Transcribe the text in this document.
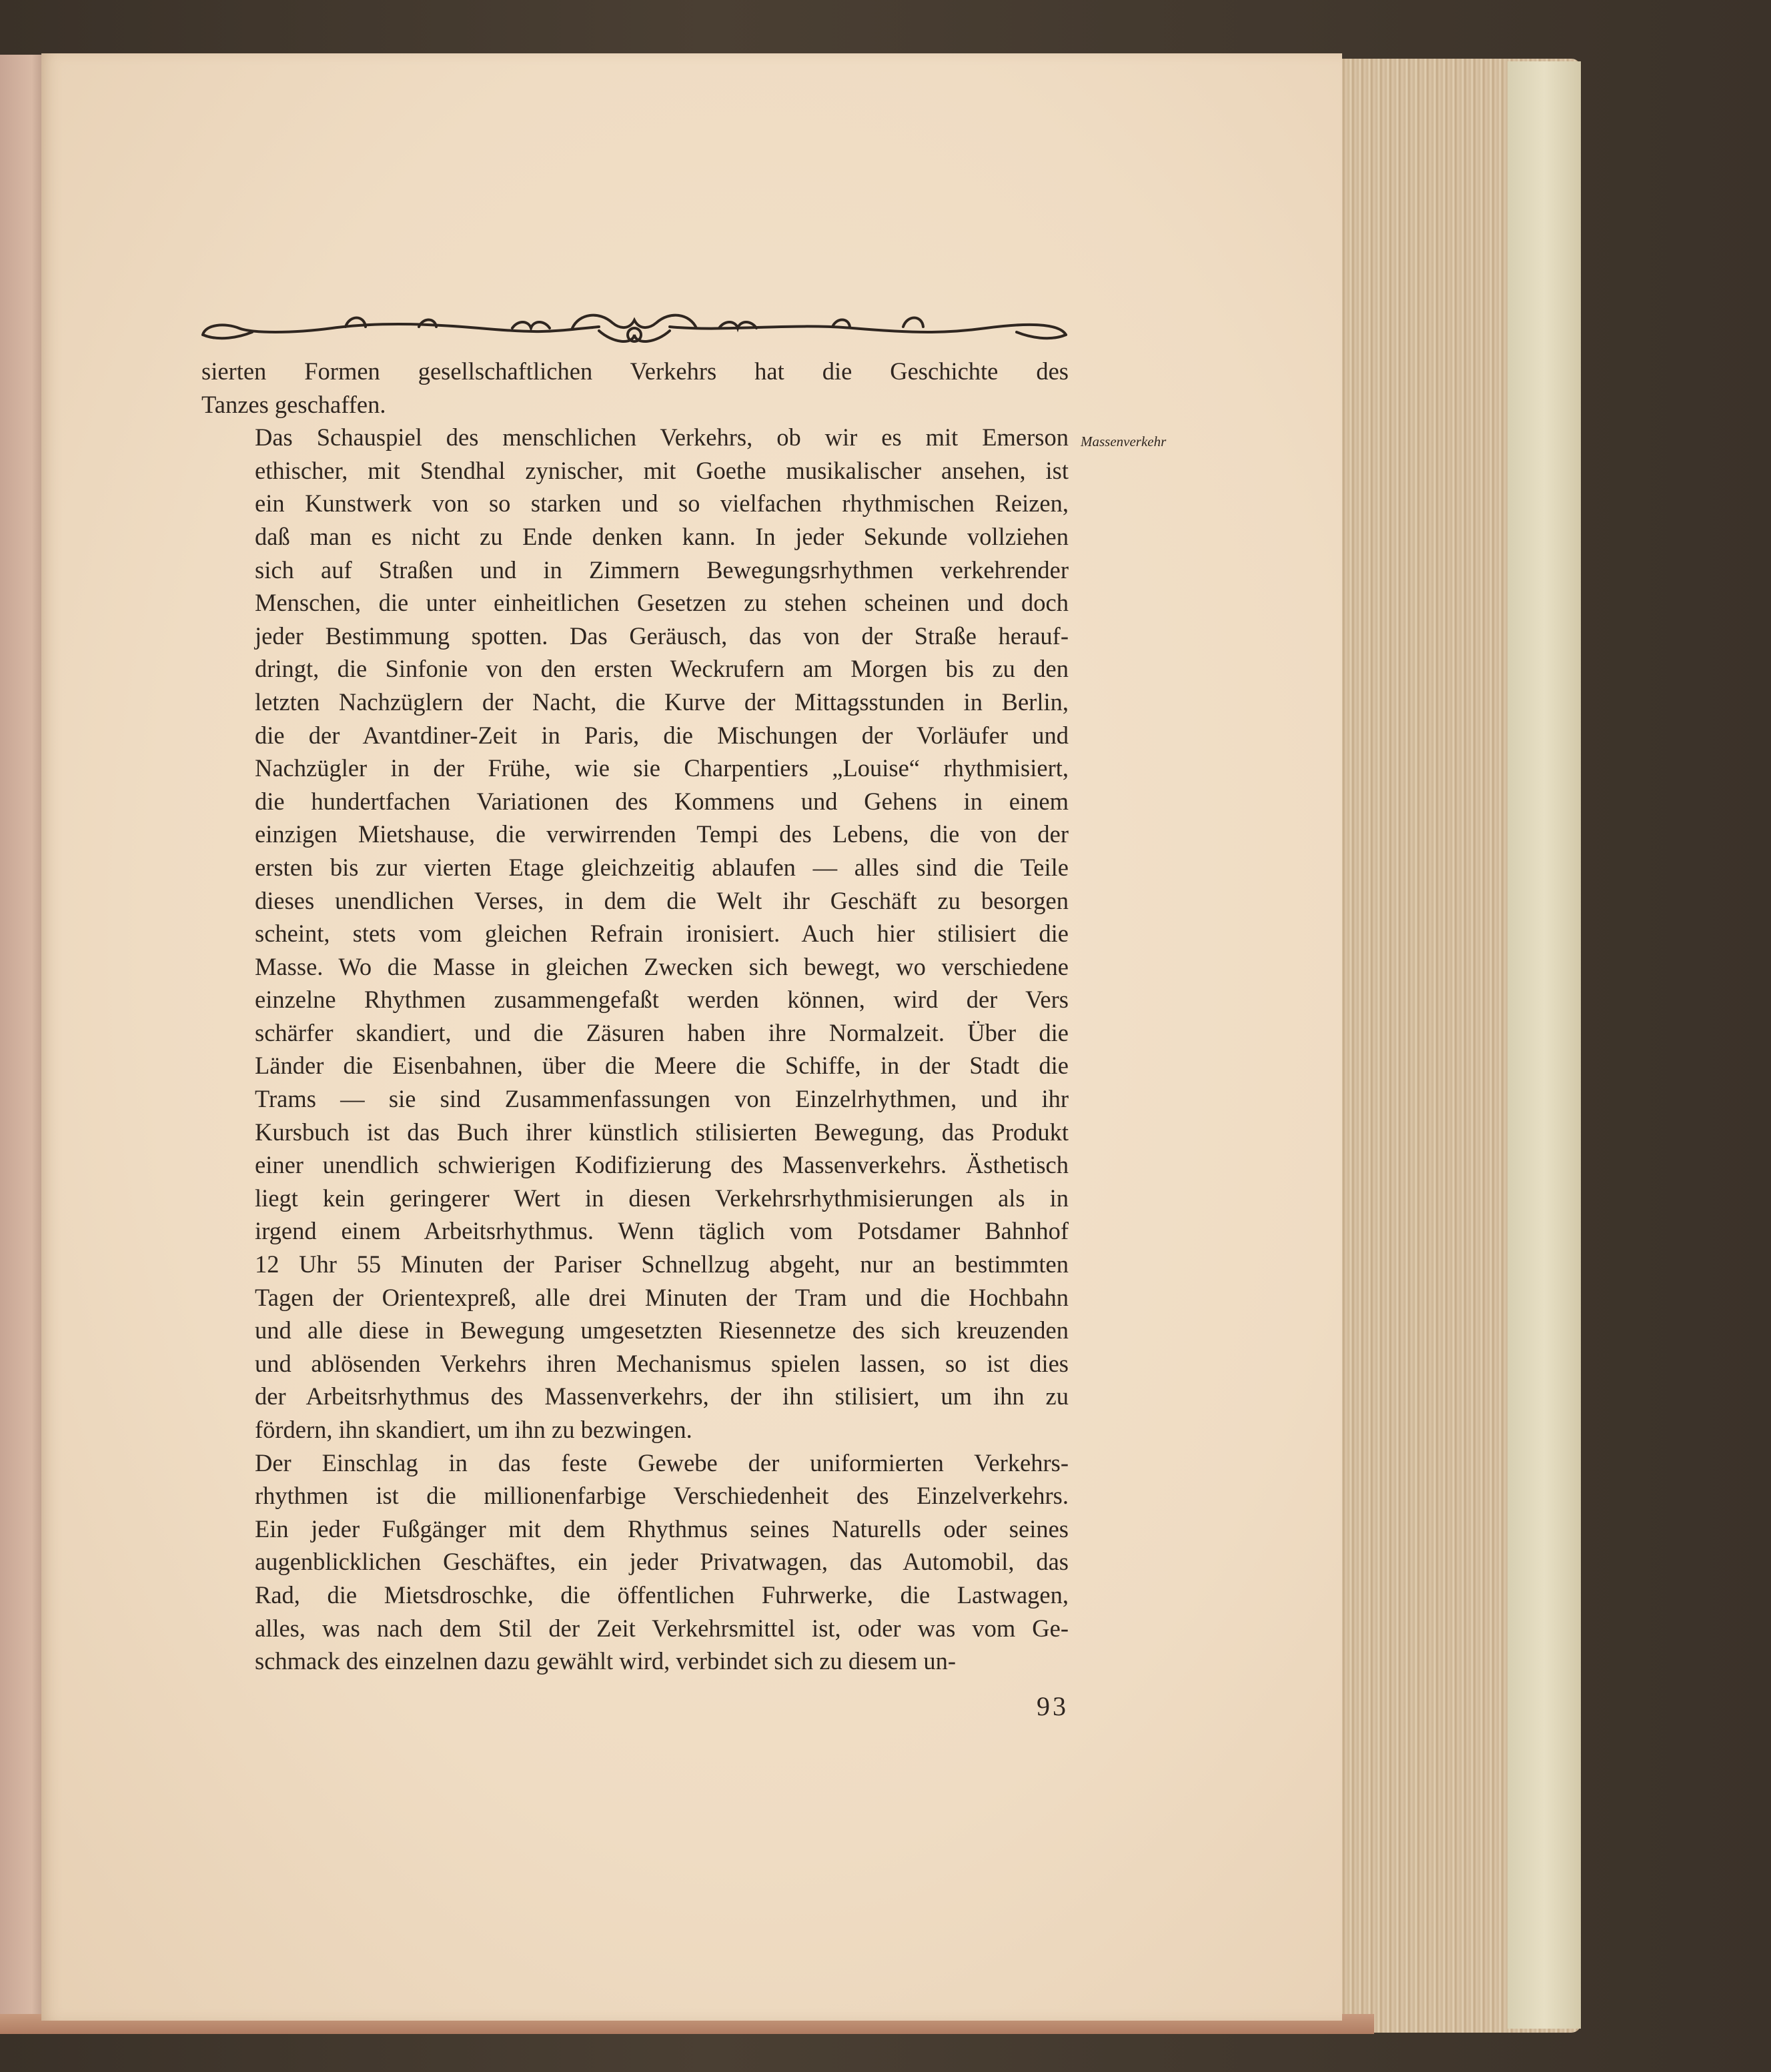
sierten Formen gesellschaftlichen Verkehrs hat die Geschichte des
Tanzes geschaffen.

Das Schauspiel des menschlichen Verkehrs, ob wir es mit Emerson
ethischer, mit Stendhal zynischer, mit Goethe musikalischer ansehen, ist
ein Kunstwerk von so starken und so vielfachen rhythmischen Reizen,
daß man es nicht zu Ende denken kann. In jeder Sekunde vollziehen
sich auf Straßen und in Zimmern Bewegungsrhythmen verkehrender
Menschen, die unter einheitlichen Gesetzen zu stehen scheinen und doch
jeder Bestimmung spotten. Das Geräusch, das von der Straße herauf-
dringt, die Sinfonie von den ersten Weckrufern am Morgen bis zu den
letzten Nachzüglern der Nacht, die Kurve der Mittagsstunden in Berlin,
die der Avantdiner-Zeit in Paris, die Mischungen der Vorläufer und
Nachzügler in der Frühe, wie sie Charpentiers „Louise“ rhythmisiert,
die hundertfachen Variationen des Kommens und Gehens in einem
einzigen Mietshause, die verwirrenden Tempi des Lebens, die von der
ersten bis zur vierten Etage gleichzeitig ablaufen — alles sind die Teile
dieses unendlichen Verses, in dem die Welt ihr Geschäft zu besorgen
scheint, stets vom gleichen Refrain ironisiert. Auch hier stilisiert die
Masse. Wo die Masse in gleichen Zwecken sich bewegt, wo verschiedene
einzelne Rhythmen zusammengefaßt werden können, wird der Vers
schärfer skandiert, und die Zäsuren haben ihre Normalzeit. Über die
Länder die Eisenbahnen, über die Meere die Schiffe, in der Stadt die
Trams — sie sind Zusammenfassungen von Einzelrhythmen, und ihr
Kursbuch ist das Buch ihrer künstlich stilisierten Bewegung, das Produkt
einer unendlich schwierigen Kodifizierung des Massenverkehrs. Ästhetisch
liegt kein geringerer Wert in diesen Verkehrsrhythmisierungen als in
irgend einem Arbeitsrhythmus. Wenn täglich vom Potsdamer Bahnhof
12 Uhr 55 Minuten der Pariser Schnellzug abgeht, nur an bestimmten
Tagen der Orientexpreß, alle drei Minuten der Tram und die Hochbahn
und alle diese in Bewegung umgesetzten Riesennetze des sich kreuzenden
und ablösenden Verkehrs ihren Mechanismus spielen lassen, so ist dies
der Arbeitsrhythmus des Massenverkehrs, der ihn stilisiert, um ihn zu
fördern, ihn skandiert, um ihn zu bezwingen.

Der Einschlag in das feste Gewebe der uniformierten Verkehrs-
rhythmen ist die millionenfarbige Verschiedenheit des Einzelverkehrs.
Ein jeder Fußgänger mit dem Rhythmus seines Naturells oder seines
augenblicklichen Geschäftes, ein jeder Privatwagen, das Automobil, das
Rad, die Mietsdroschke, die öffentlichen Fuhrwerke, die Lastwagen,
alles, was nach dem Stil der Zeit Verkehrsmittel ist, oder was vom Ge-
schmack des einzelnen dazu gewählt wird, verbindet sich zu diesem un-

Massenverkehr
93
